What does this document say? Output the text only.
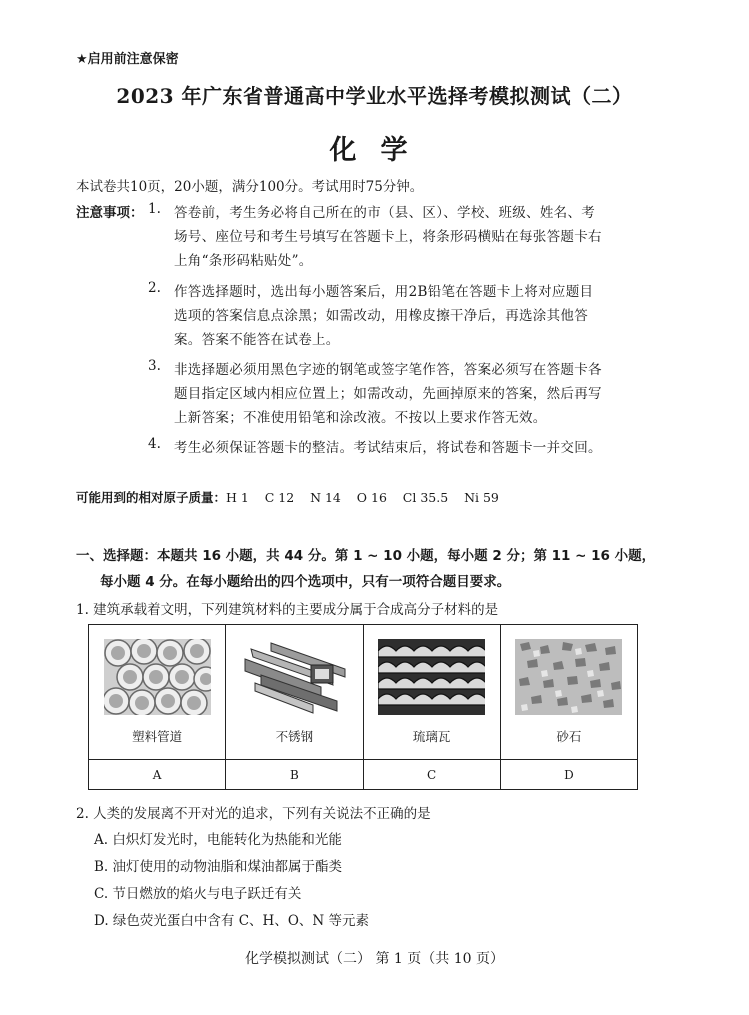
★启用前注意保密
2023 年广东省普通高中学业水平选择考模拟测试（二）
化学
本试卷共10页，20小题，满分100分。考试用时75分钟。
注意事项： 1. 答卷前，考生务必将自己所在的市（县、区）、学校、班级、姓名、考
场号、座位号和考生号填写在答题卡上，将条形码横贴在每张答题卡右
上角“条形码粘贴处”。
2. 作答选择题时，选出每小题答案后，用2B铅笔在答题卡上将对应题目
选项的答案信息点涂黑；如需改动，用橡皮擦干净后，再选涂其他答
案。答案不能答在试卷上。
3. 非选择题必须用黑色字迹的钢笔或签字笔作答，答案必须写在答题卡各
题目指定区域内相应位置上；如需改动，先画掉原来的答案，然后再写
上新答案；不准使用铅笔和涂改液。不按以上要求作答无效。
4. 考生必须保证答题卡的整洁。考试结束后，将试卷和答题卡一并交回。
可能用到的相对原子质量：H 1    C 12    N 14    O 16    Cl 35.5    Ni 59
一、选择题：本题共 16 小题，共 44 分。第 1 ~ 10 小题，每小题 2 分；第 11 ~ 16 小题，
每小题 4 分。在每小题给出的四个选项中，只有一项符合题目要求。
1. 建筑承载着文明，下列建筑材料的主要成分属于合成高分子材料的是
塑料管道	不锈钢	琉璃瓦	砂石

A	B	C	D
2. 人类的发展离不开对光的追求，下列有关说法不正确的是
A. 白炽灯发光时，电能转化为热能和光能
B. 油灯使用的动物油脂和煤油都属于酯类
C. 节日燃放的焰火与电子跃迁有关
D. 绿色荧光蛋白中含有 C、H、O、N 等元素
化学模拟测试（二） 第 1 页（共 10 页）
